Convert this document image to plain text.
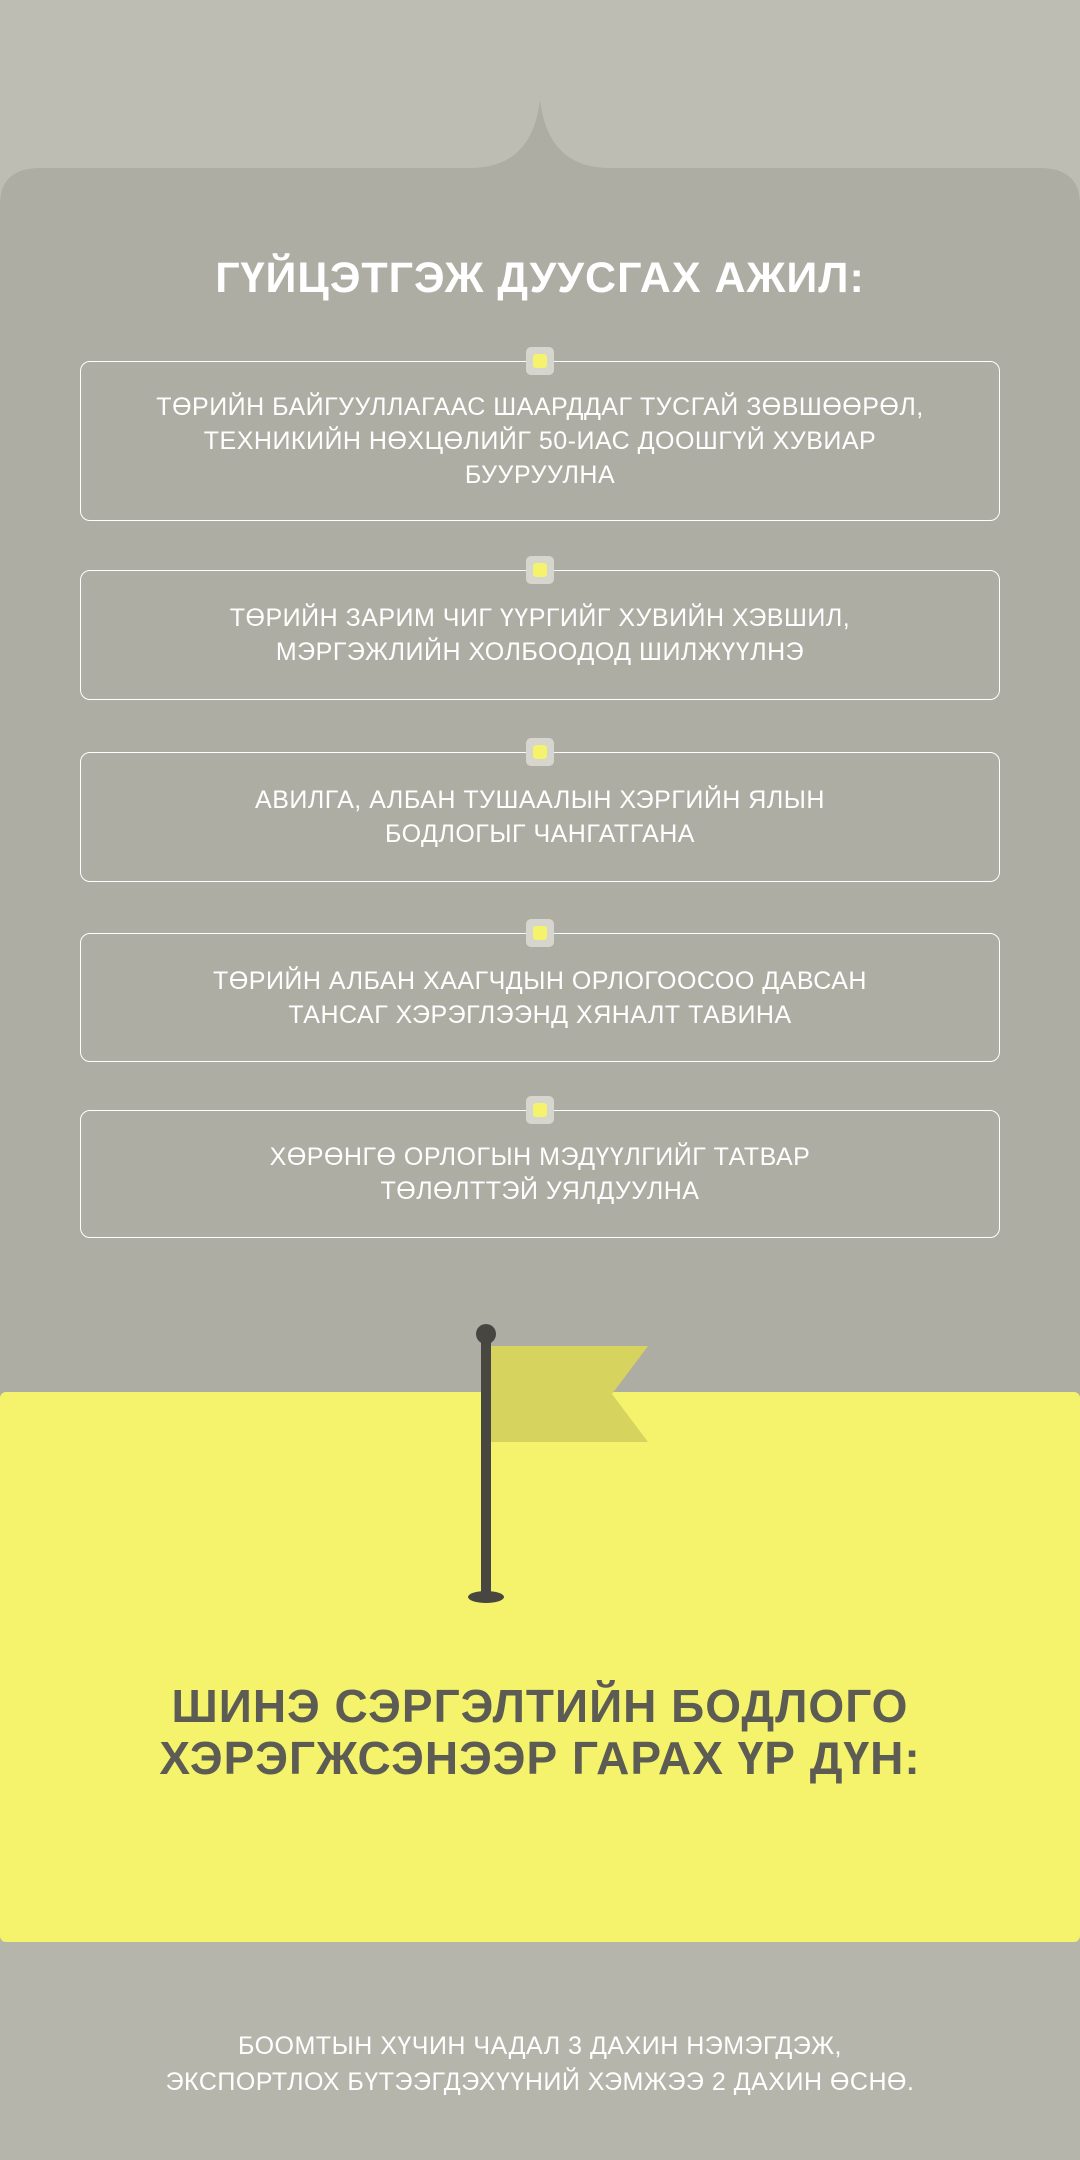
ГҮЙЦЭТГЭЖ ДУУСГАХ АЖИЛ:
ТӨРИЙН БАЙГУУЛЛАГААС ШААРДДАГ ТУСГАЙ ЗӨВШӨӨРӨЛ,
ТЕХНИКИЙН НӨХЦӨЛИЙГ 50-ИАС ДООШГҮЙ ХУВИАР
БУУРУУЛНА
ТӨРИЙН ЗАРИМ ЧИГ ҮҮРГИЙГ ХУВИЙН ХЭВШИЛ,
МЭРГЭЖЛИЙН ХОЛБООДОД ШИЛЖҮҮЛНЭ
АВИЛГА, АЛБАН ТУШААЛЫН ХЭРГИЙН ЯЛЫН
БОДЛОГЫГ ЧАНГАТГАНА
ТӨРИЙН АЛБАН ХААГЧДЫН ОРЛОГООСОО ДАВСАН
ТАНСАГ ХЭРЭГЛЭЭНД ХЯНАЛТ ТАВИНА
ХӨРӨНГӨ ОРЛОГЫН МЭДҮҮЛГИЙГ ТАТВАР
ТӨЛӨЛТТЭЙ УЯЛДУУЛНА
ШИНЭ СЭРГЭЛТИЙН БОДЛОГО
ХЭРЭГЖСЭНЭЭР ГАРАХ ҮР ДҮН:

БООМТЫН ХҮЧИН ЧАДАЛ 3 ДАХИН НЭМЭГДЭЖ,
ЭКСПОРТЛОХ БҮТЭЭГДЭХҮҮНИЙ ХЭМЖЭЭ 2 ДАХИН ӨСНӨ.
